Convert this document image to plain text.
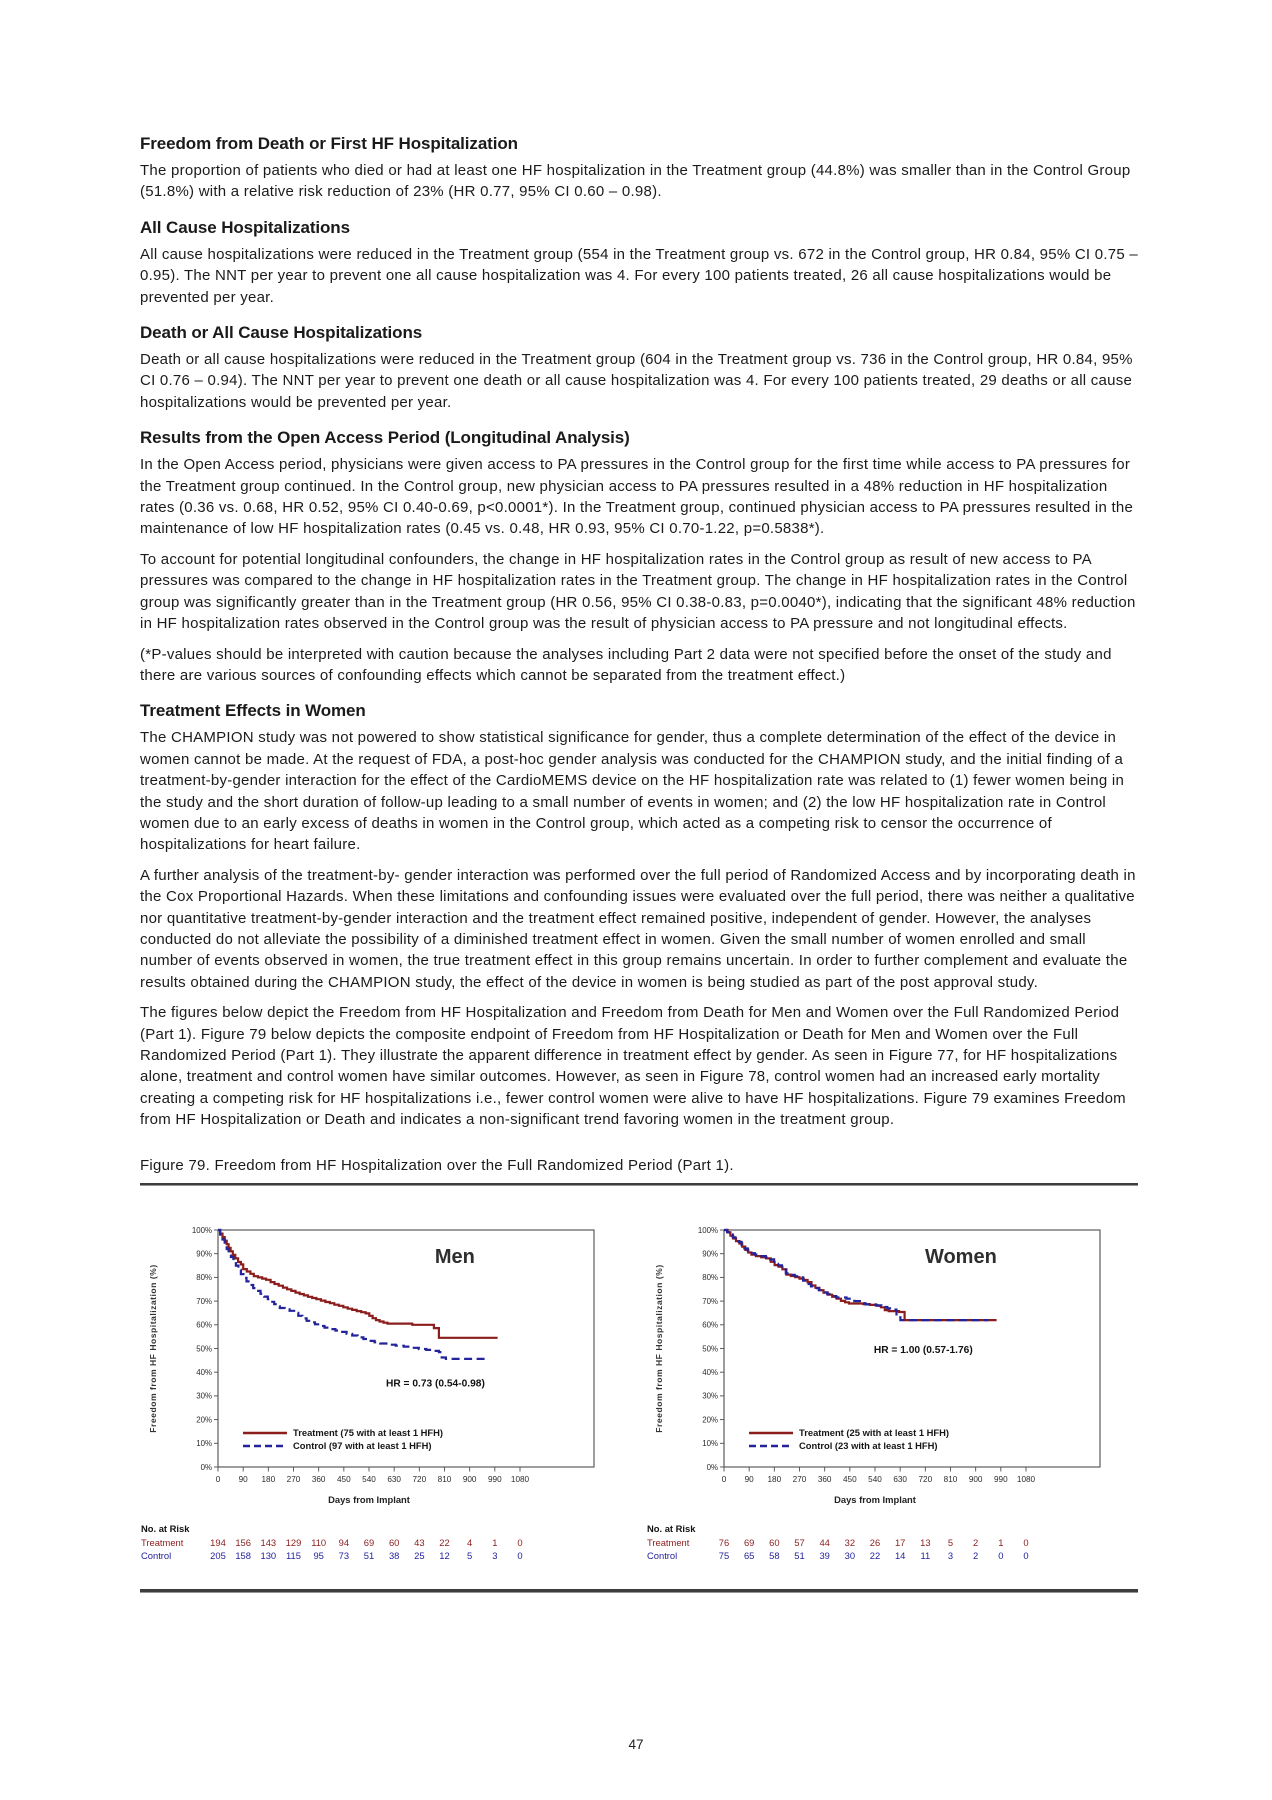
Freedom from Death or First HF Hospitalization

The proportion of patients who died or had at least one HF hospitalization in the Treatment group (44.8%) was smaller than in the Control Group (51.8%) with a relative risk reduction of 23% (HR 0.77, 95% CI 0.60 – 0.98).

All Cause Hospitalizations

All cause hospitalizations were reduced in the Treatment group (554 in the Treatment group vs. 672 in the Control group, HR 0.84, 95% CI 0.75 – 0.95). The NNT per year to prevent one all cause hospitalization was 4. For every 100 patients treated, 26 all cause hospitalizations would be prevented per year.

Death or All Cause Hospitalizations

Death or all cause hospitalizations were reduced in the Treatment group (604 in the Treatment group vs. 736 in the Control group, HR 0.84, 95% CI 0.76 – 0.94). The NNT per year to prevent one death or all cause hospitalization was 4. For every 100 patients treated, 29 deaths or all cause hospitalizations would be prevented per year.

Results from the Open Access Period (Longitudinal Analysis)

In the Open Access period, physicians were given access to PA pressures in the Control group for the first time while access to PA pressures for the Treatment group continued. In the Control group, new physician access to PA pressures resulted in a 48% reduction in HF hospitalization rates (0.36 vs. 0.68, HR 0.52, 95% CI 0.40-0.69, p<0.0001*). In the Treatment group, continued physician access to PA pressures resulted in the maintenance of low HF hospitalization rates (0.45 vs. 0.48, HR 0.93, 95% CI 0.70-1.22, p=0.5838*).

To account for potential longitudinal confounders, the change in HF hospitalization rates in the Control group as result of new access to PA pressures was compared to the change in HF hospitalization rates in the Treatment group. The change in HF hospitalization rates in the Control group was significantly greater than in the Treatment group (HR 0.56, 95% CI 0.38-0.83, p=0.0040*), indicating that the significant 48% reduction in HF hospitalization rates observed in the Control group was the result of physician access to PA pressure and not longitudinal effects.

(*P-values should be interpreted with caution because the analyses including Part 2 data were not specified before the onset of the study and there are various sources of confounding effects which cannot be separated from the treatment effect.)

Treatment Effects in Women

The CHAMPION study was not powered to show statistical significance for gender, thus a complete determination of the effect of the device in women cannot be made. At the request of FDA, a post-hoc gender analysis was conducted for the CHAMPION study, and the initial finding of a treatment-by-gender interaction for the effect of the CardioMEMS device on the HF hospitalization rate was related to (1) fewer women being in the study and the short duration of follow-up leading to a small number of events in women; and (2) the low HF hospitalization rate in Control women due to an early excess of deaths in women in the Control group, which acted as a competing risk to censor the occurrence of hospitalizations for heart failure.

A further analysis of the treatment-by- gender interaction was performed over the full period of Randomized Access and by incorporating death in the Cox Proportional Hazards. When these limitations and confounding issues were evaluated over the full period, there was neither a qualitative nor quantitative treatment-by-gender interaction and the treatment effect remained positive, independent of gender. However, the analyses conducted do not alleviate the possibility of a diminished treatment effect in women. Given the small number of women enrolled and small number of events observed in women, the true treatment effect in this group remains uncertain. In order to further complement and evaluate the results obtained during the CHAMPION study, the effect of the device in women is being studied as part of the post approval study.

The figures below depict the Freedom from HF Hospitalization and Freedom from Death for Men and Women over the Full Randomized Period (Part 1). Figure 79 below depicts the composite endpoint of Freedom from HF Hospitalization or Death for Men and Women over the Full Randomized Period (Part 1). They illustrate the apparent difference in treatment effect by gender. As seen in Figure 77, for HF hospitalizations alone, treatment and control women have similar outcomes. However, as seen in Figure 78, control women had an increased early mortality creating a competing risk for HF hospitalizations i.e., fewer control women were alive to have HF hospitalizations. Figure 79 examines Freedom from HF Hospitalization or Death and indicates a non-significant trend favoring women in the treatment group.

Figure 79. Freedom from HF Hospitalization over the Full Randomized Period (Part 1).
0%
10%
20%
30%
40%
50%
60%
70%
80%
90%
100%
0 90 180 270 360 450 540 630 720 810 900 990 1080
Freedom from HF Hospitalization (%)
Days from Implant
Men
HR = 0.73 (0.54-0.98)
Treatment (75 with at least 1 HFH)
Control (97 with at least 1 HFH)
No. at Risk
Treatment	194 156 143 129 110 94 69 60 43 22 4 1 0
Control	205 158 130 115 95 73 51 38 25 12 5 3 0
0%
10%
20%
30%
40%
50%
60%
70%
80%
90%
100%
0 90 180 270 360 450 540 630 720 810 900 990 1080
Freedom from HF Hospitalization (%)
Days from Implant
Women
HR = 1.00 (0.57-1.76)
Treatment (25 with at least 1 HFH)
Control (23 with at least 1 HFH)
No. at Risk
Treatment	76 69 60 57 44 32 26 17 13 5 2 1 0
Control	75 65 58 51 39 30 22 14 11 3 2 0 0
47
